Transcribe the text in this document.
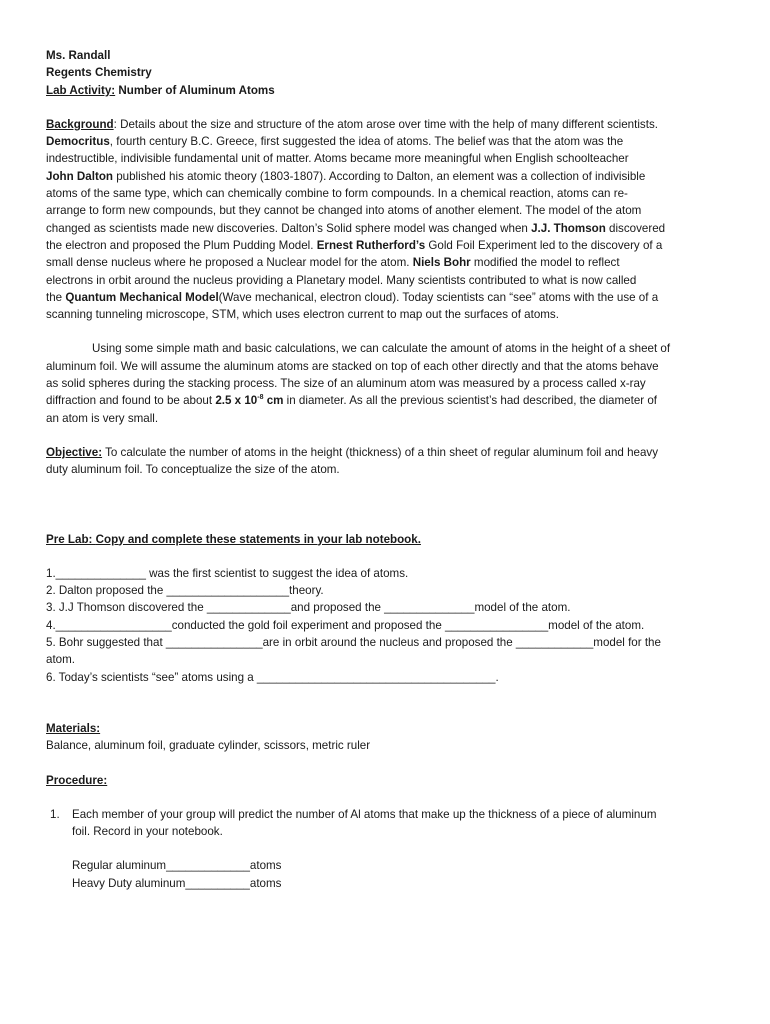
Ms. Randall
Regents Chemistry
Lab Activity: Number of Aluminum Atoms
Background: Details about the size and structure of the atom arose over time with the help of many different scientists.
Democritus, fourth century B.C. Greece, first suggested the idea of atoms. The belief was that the atom was the
indestructible, indivisible fundamental unit of matter. Atoms became more meaningful when English schoolteacher
John Dalton published his atomic theory (1803-1807). According to Dalton, an element was a collection of indivisible
atoms of the same type, which can chemically combine to form compounds. In a chemical reaction, atoms can re-
arrange to form new compounds, but they cannot be changed into atoms of another element. The model of the atom
changed as scientists made new discoveries. Dalton’s Solid sphere model was changed when J.J. Thomson discovered
the electron and proposed the Plum Pudding Model. Ernest Rutherford’s Gold Foil Experiment led to the discovery of a
small dense nucleus where he proposed a Nuclear model for the atom. Niels Bohr modified the model to reflect
electrons in orbit around the nucleus providing a Planetary model. Many scientists contributed to what is now called
the Quantum Mechanical Model(Wave mechanical, electron cloud). Today scientists can “see” atoms with the use of a
scanning tunneling microscope, STM, which uses electron current to map out the surfaces of atoms.
Using some simple math and basic calculations, we can calculate the amount of atoms in the height of a sheet of
aluminum foil. We will assume the aluminum atoms are stacked on top of each other directly and that the atoms behave
as solid spheres during the stacking process. The size of an aluminum atom was measured by a process called x-ray
diffraction and found to be about 2.5 x $10^{-8}$ cm in diameter. As all the previous scientist’s had described, the diameter of
an atom is very small.
Objective: To calculate the number of atoms in the height (thickness) of a thin sheet of regular aluminum foil and heavy
duty aluminum foil. To conceptualize the size of the atom.
Pre Lab: Copy and complete these statements in your lab notebook.
1.______________ was the first scientist to suggest the idea of atoms.
2. Dalton proposed the ___________________theory.
3. J.J Thomson discovered the _____________and proposed the ______________model of the atom.
4.__________________conducted the gold foil experiment and proposed the ________________model of the atom.
5. Bohr suggested that _______________are in orbit around the nucleus and proposed the ____________model for the
atom.
6. Today’s scientists “see” atoms using a _____________________________________.
Materials:
Balance, aluminum foil, graduate cylinder, scissors, metric ruler
Procedure:
1. Each member of your group will predict the number of Al atoms that make up the thickness of a piece of aluminum
foil. Record in your notebook.
Regular aluminum_____________atoms
Heavy Duty aluminum__________atoms
